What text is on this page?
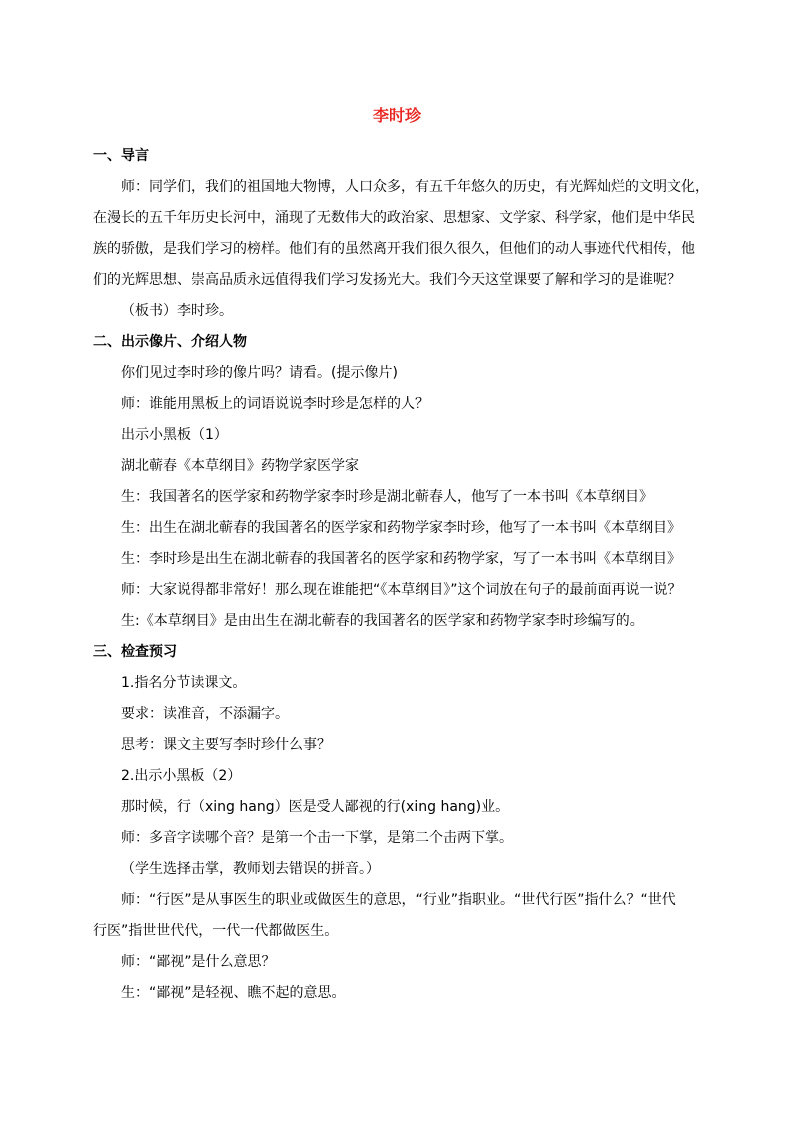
李时珍
一、导言
师：同学们，我们的祖国地大物博，人口众多，有五千年悠久的历史，有光辉灿烂的文明文化，
在漫长的五千年历史长河中，涌现了无数伟大的政治家、思想家、文学家、科学家，他们是中华民
族的骄傲，是我们学习的榜样。他们有的虽然离开我们很久很久，但他们的动人事迹代代相传，他
们的光辉思想、崇高品质永远值得我们学习发扬光大。我们今天这堂课要了解和学习的是谁呢？
（板书）李时珍。
二、出示像片、介绍人物
你们见过李时珍的像片吗？请看。(提示像片)
师：谁能用黑板上的词语说说李时珍是怎样的人？
出示小黑板（1）
湖北蕲春《本草纲目》药物学家医学家
生：我国著名的医学家和药物学家李时珍是湖北蕲春人，他写了一本书叫《本草纲目》
生：出生在湖北蕲春的我国著名的医学家和药物学家李时珍，他写了一本书叫《本草纲目》
生：李时珍是出生在湖北蕲春的我国著名的医学家和药物学家，写了一本书叫《本草纲目》
师：大家说得都非常好！那么现在谁能把“《本草纲目》”这个词放在句子的最前面再说一说？
生:《本草纲目》是由出生在湖北蕲春的我国著名的医学家和药物学家李时珍编写的。
三、检查预习
1.指名分节读课文。
要求：读准音，不添漏字。
思考：课文主要写李时珍什么事？
2.出示小黑板（2）
那时候，行（xing hang）医是受人鄙视的行(xing hang)业。
师：多音字读哪个音？是第一个击一下掌，是第二个击两下掌。
（学生选择击掌，教师划去错误的拼音。）
师：“行医”是从事医生的职业或做医生的意思，“行业”指职业。“世代行医”指什么？“世代
行医”指世世代代，一代一代都做医生。
师：“鄙视”是什么意思？
生：“鄙视”是轻视、瞧不起的意思。
